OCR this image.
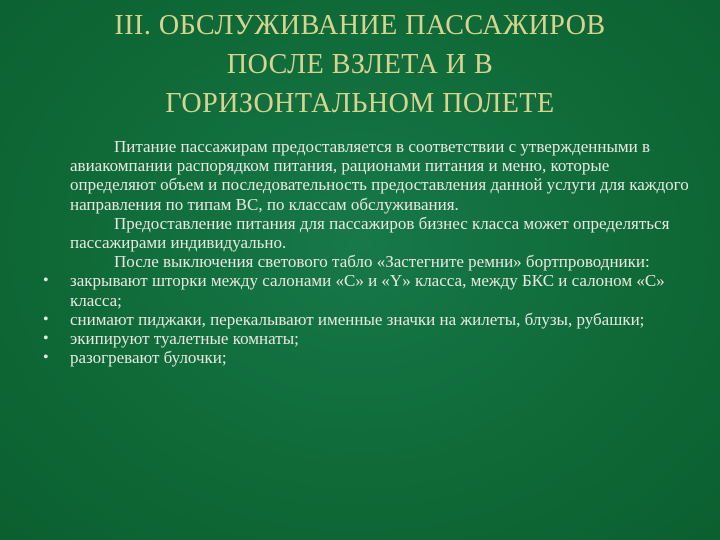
III. ОБСЛУЖИВАНИЕ ПАССАЖИРОВ
ПОСЛЕ ВЗЛЕТА И В
ГОРИЗОНТАЛЬНОМ ПОЛЕТЕ

Питание пассажирам предоставляется в соответствии с утвержденными в авиакомпании распорядком питания, рационами питания и меню, которые определяют объем и последовательность предоставления данной услуги для каждого направления по типам ВС, по классам обслуживания.

Предоставление питания для пассажиров бизнес класса может определяться пассажирами индивидуально.

После выключения светового табло «Застегните ремни» бортпроводники:

• закрывают шторки между салонами «С» и «Y» класса, между БКС и салоном «С» класса;
• снимают пиджаки, перекалывают именные значки на жилеты, блузы, рубашки;
• экипируют туалетные комнаты;
• разогревают булочки;
